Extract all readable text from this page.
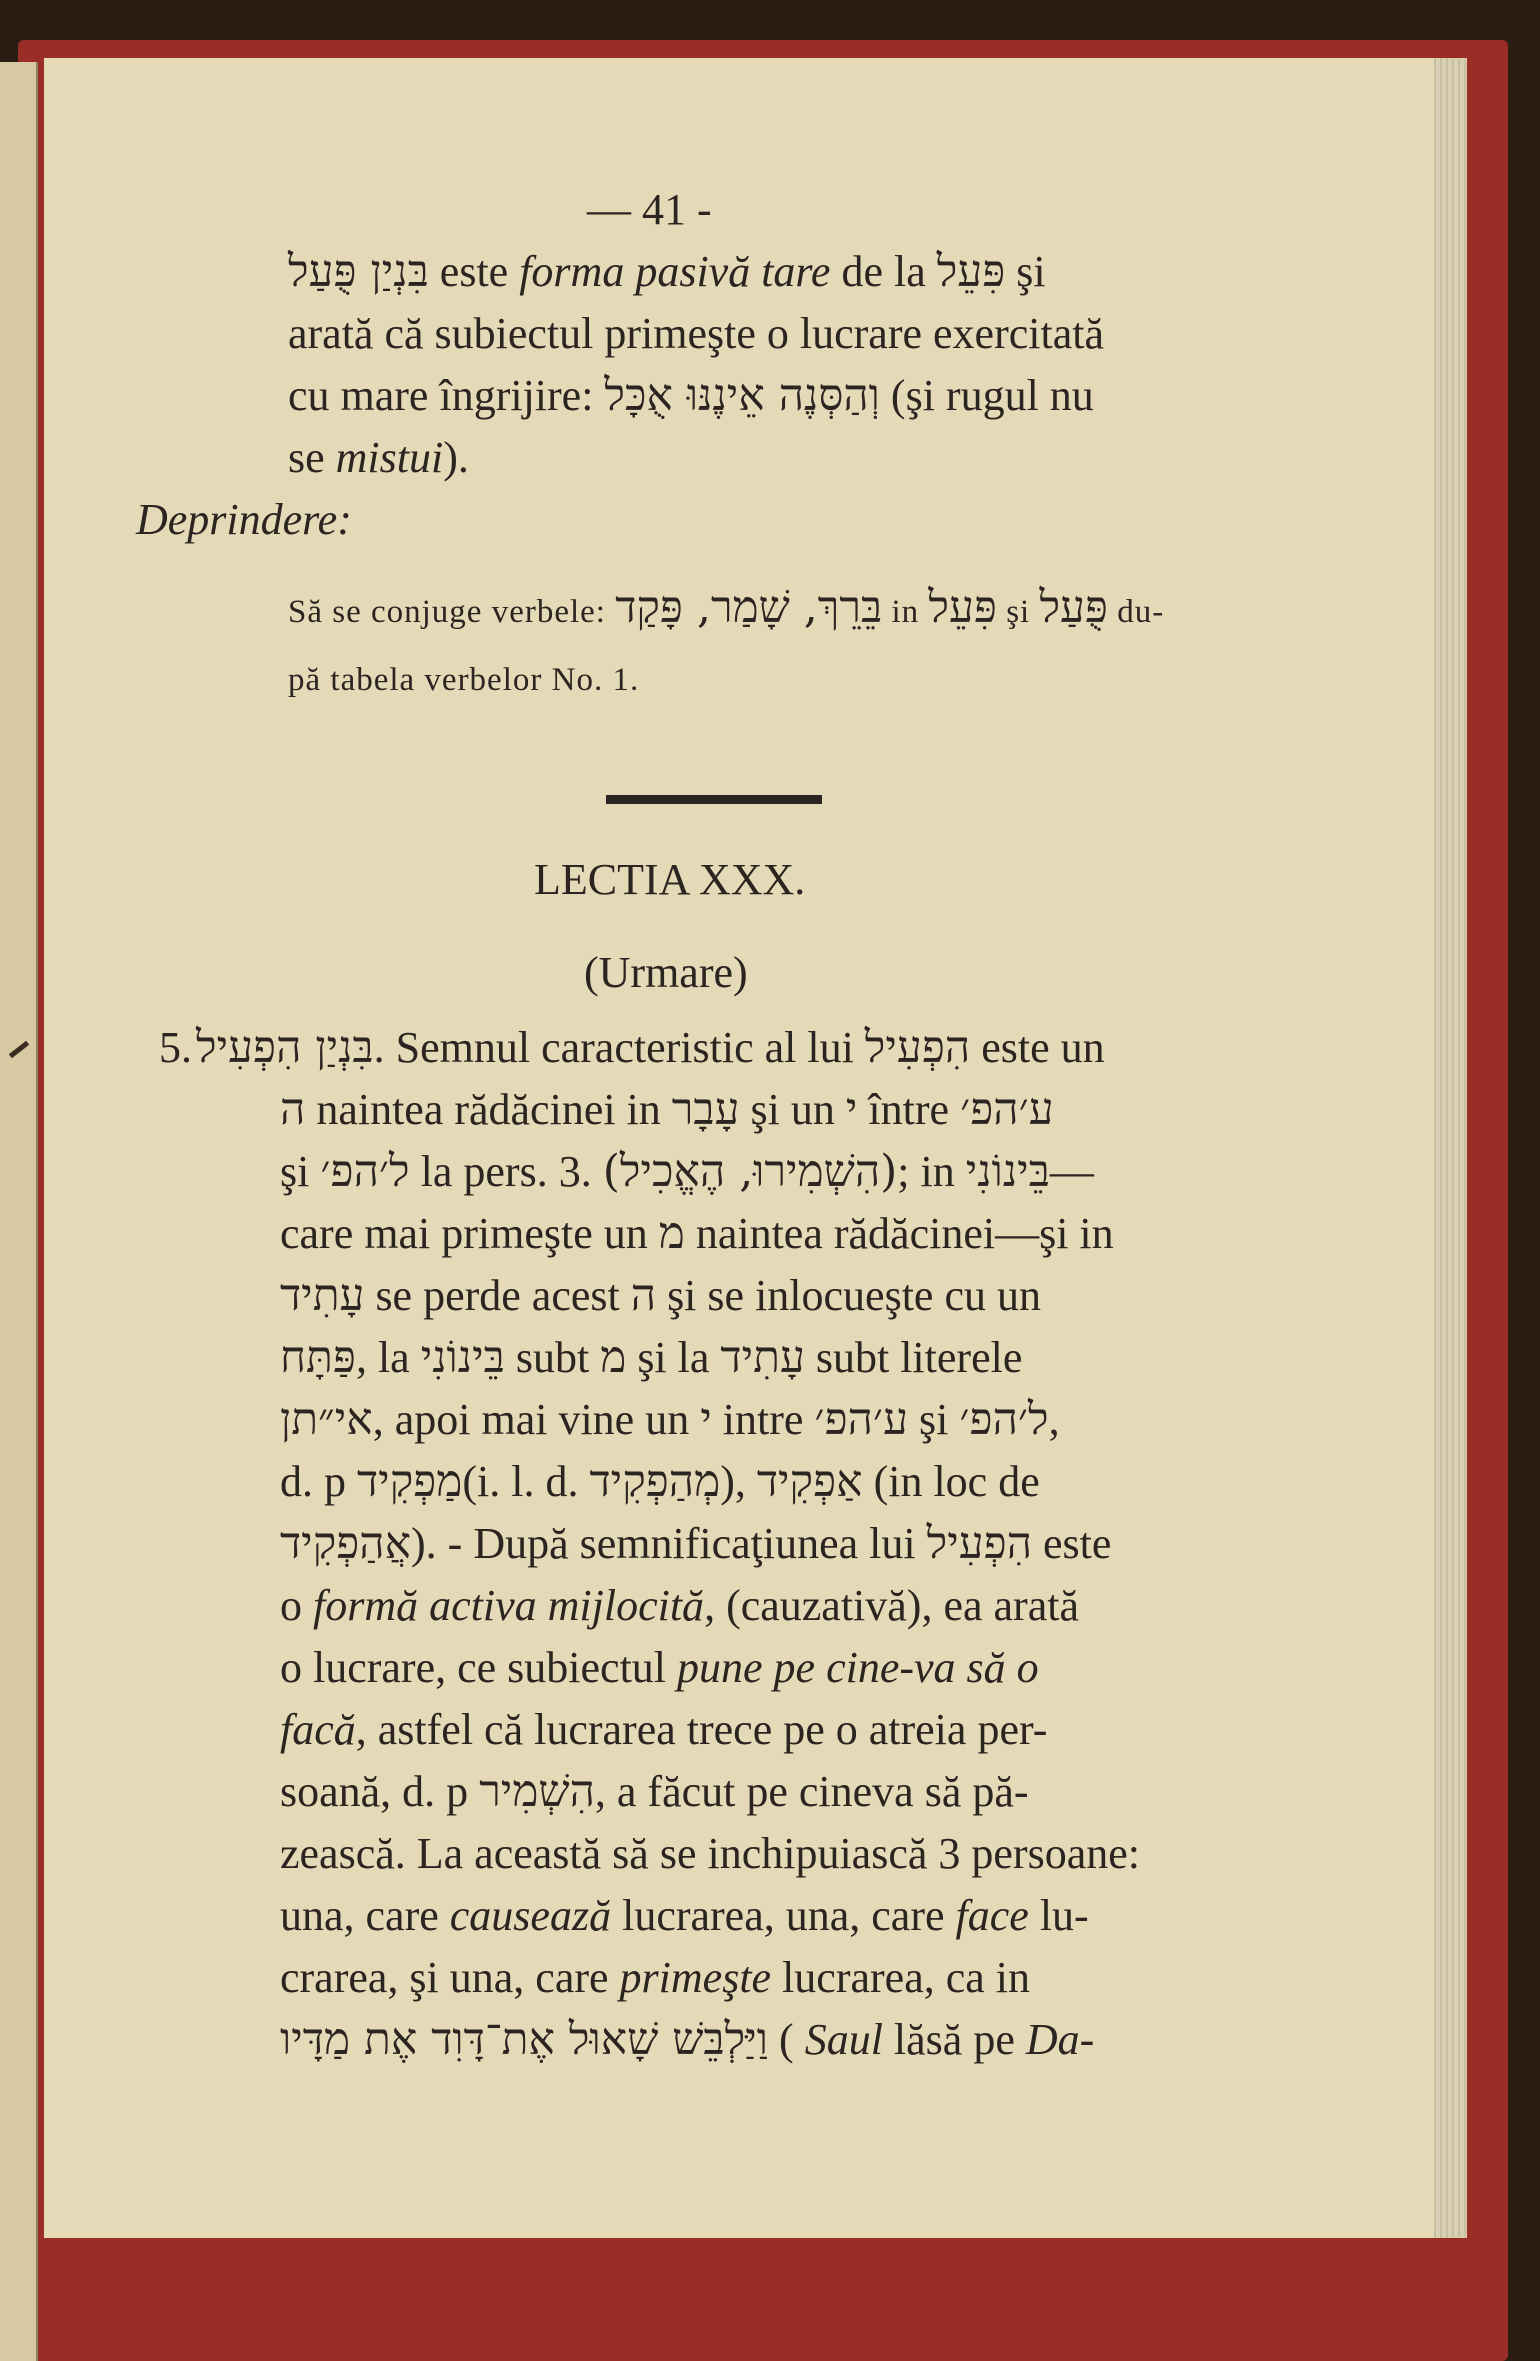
— 41 -
בִּנְיַן פֻּעַל este forma pasivă tare de la פִּעֵל şi
arată că subiectul primeşte o lucrare exercitată
cu mare îngrijire: וְהַסְּנֶה אֵינֶנּוּ אֻכָּל (şi rugul nu
se mistui).
Deprindere:
Să se conjuge verbele: בֵּרֵךְ, שָׁמַר, פָּקַד in פִּעֵל şi פֻּעַל du-
pă tabela verbelor No. 1.
LECTIA XXX.
(Urmare)
5. בִּנְיַן הִפְעִיל. Semnul caracteristic al lui הִפְעִיל este un
ה naintea rădăcinei in עָבָר şi un י între ע׳הפ׳
şi ל׳הפ׳ la pers. 3. (הִשְׁמִירוּ, הֶאֱכִיל); in בֵּינוֹנִי—
care mai primeşte un מ naintea rădăcinei—şi in
עָתִיד se perde acest ה şi se inlocueşte cu un
פַּתָּח, la בֵּינוֹנִי subt מ şi la עָתִיד subt literele
אי״תן, apoi mai vine un י intre ע׳הפ׳ şi ל׳הפ׳,
d. p מַפְקִיד(i. l. d. מְהַפְקִיד), אַפְקִיד (in loc de
אֲהַפְקִיד). - După semnificaţiunea lui הִפְעִיל este
o formă activa mijlocită, (cauzativă), ea arată
o lucrare, ce subiectul pune pe cine-va să o
facă, astfel că lucrarea trece pe o atreia per-
soană, d. p הִשְׁמִיר, a făcut pe cineva să pă-
zească. La această să se inchipuiască 3 persoane:
una, care causează lucrarea, una, care face lu-
crarea, şi una, care primeşte lucrarea, ca in
וַיַּלְבֵּשׁ שָׁאוּל אֶת־דָּוִד אֶת מַדָּיו ( Saul lăsă pe Da-
